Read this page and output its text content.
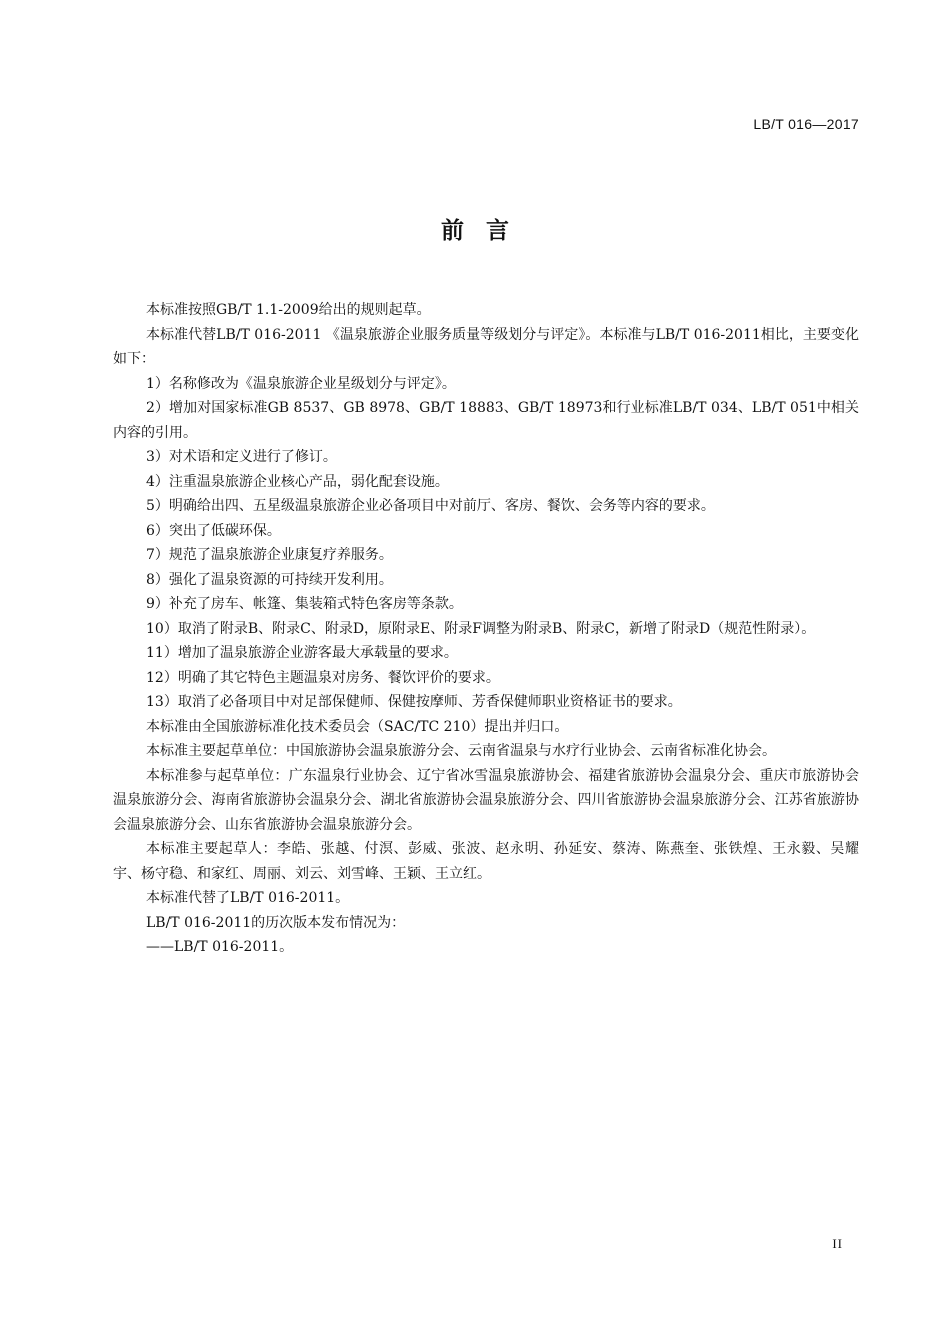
LB/T 016—2017
前言

本标准按照GB/T 1.1-2009给出的规则起草。

本标准代替LB/T 016-2011 《温泉旅游企业服务质量等级划分与评定》。本标准与LB/T 016-2011相比，主要变化如下：

1）名称修改为《温泉旅游企业星级划分与评定》。

2）增加对国家标准GB 8537、GB 8978、GB/T 18883、GB/T 18973和行业标准LB/T 034、LB/T 051中相关内容的引用。

3）对术语和定义进行了修订。

4）注重温泉旅游企业核心产品，弱化配套设施。

5）明确给出四、五星级温泉旅游企业必备项目中对前厅、客房、餐饮、会务等内容的要求。

6）突出了低碳环保。

7）规范了温泉旅游企业康复疗养服务。

8）强化了温泉资源的可持续开发利用。

9）补充了房车、帐篷、集装箱式特色客房等条款。

10）取消了附录B、附录C、附录D，原附录E、附录F调整为附录B、附录C，新增了附录D（规范性附录）。

11）增加了温泉旅游企业游客最大承载量的要求。

12）明确了其它特色主题温泉对房务、餐饮评价的要求。

13）取消了必备项目中对足部保健师、保健按摩师、芳香保健师职业资格证书的要求。

本标准由全国旅游标准化技术委员会（SAC/TC 210）提出并归口。

本标准主要起草单位：中国旅游协会温泉旅游分会、云南省温泉与水疗行业协会、云南省标准化协会。

本标准参与起草单位：广东温泉行业协会、辽宁省冰雪温泉旅游协会、福建省旅游协会温泉分会、重庆市旅游协会温泉旅游分会、海南省旅游协会温泉分会、湖北省旅游协会温泉旅游分会、四川省旅游协会温泉旅游分会、江苏省旅游协会温泉旅游分会、山东省旅游协会温泉旅游分会。

本标准主要起草人：李皓、张越、付溟、彭威、张波、赵永明、孙延安、蔡涛、陈燕奎、张铁煌、王永毅、吴耀宇、杨守稳、和家红、周丽、刘云、刘雪峰、王颖、王立红。

本标准代替了LB/T 016-2011。

LB/T 016-2011的历次版本发布情况为：

——LB/T 016-2011。

II
